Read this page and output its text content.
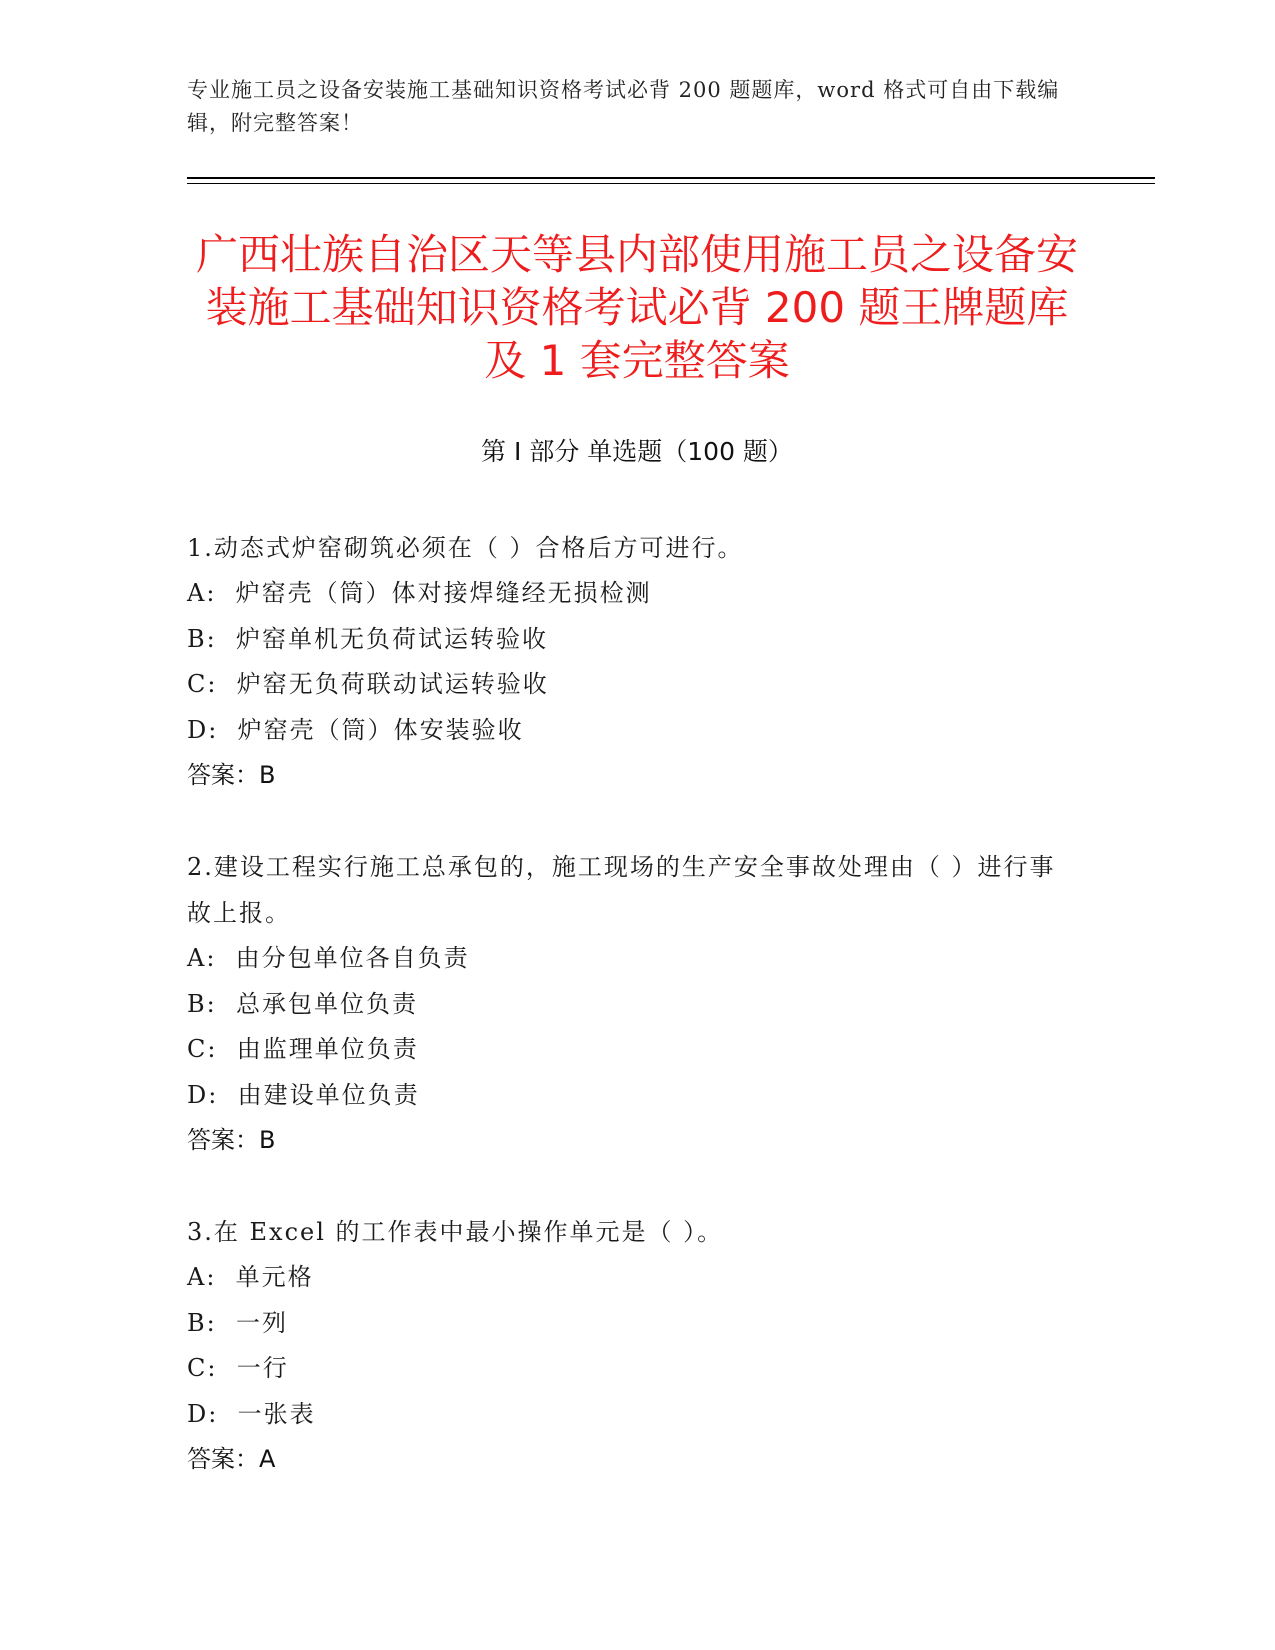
专业施工员之设备安装施工基础知识资格考试必背 200 题题库，word 格式可自由下载编辑，附完整答案！
广西壮族自治区天等县内部使用施工员之设备安装施工基础知识资格考试必背 200 题王牌题库及 1 套完整答案
第 I 部分 单选题（100 题）
1.动态式炉窑砌筑必须在（ ）合格后方可进行。
A:  炉窑壳（筒）体对接焊缝经无损检测
B:  炉窑单机无负荷试运转验收
C:  炉窑无负荷联动试运转验收
D:  炉窑壳（筒）体安装验收
答案：B
2.建设工程实行施工总承包的，施工现场的生产安全事故处理由（ ）进行事故上报。
A:  由分包单位各自负责
B:  总承包单位负责
C:  由监理单位负责
D:  由建设单位负责
答案：B
3.在 Excel 的工作表中最小操作单元是（ ）。
A:  单元格
B:  一列
C:  一行
D:  一张表
答案：A
